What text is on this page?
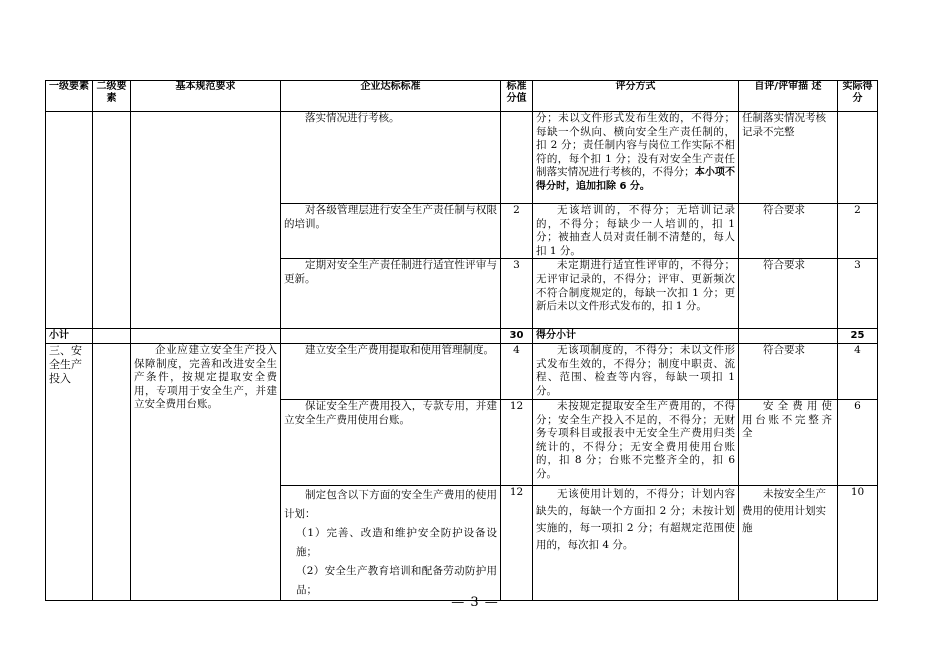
一级要素	二级要素	基本规范要求	企业达标标准	标准分值	评分方式	自评/评审描 述	实际得分
			落实情况进行考核。		分；未以文件形式发布生效的，不得分；每缺一个纵向、横向安全生产责任制的，扣 2 分；责任制内容与岗位工作实际不相符的，每个扣 1 分；没有对安全生产责任制落实情况进行考核的，不得分；本小项不得分时，追加扣除 6 分。	任制落实情况考核记录不完整	
			对各级管理层进行安全生产责任制与权限的培训。	2	无该培训的，不得分；无培训记录的，不得分；每缺少一人培训的，扣 1 分；被抽查人员对责任制不清楚的，每人扣 1 分。	符合要求	2
			定期对安全生产责任制进行适宜性评审与更新。	3	未定期进行适宜性评审的，不得分；无评审记录的，不得分；评审、更新频次不符合制度规定的，每缺一次扣 1 分；更新后未以文件形式发布的，扣 1 分。	符合要求	3
小计				30	得分小计		25
三、安全生产投入		企业应建立安全生产投入保障制度，完善和改进安全生产条件，按规定提取安全费用，专项用于安全生产，并建立安全费用台账。	建立安全生产费用提取和使用管理制度。	4	无该项制度的，不得分；未以文件形式发布生效的，不得分；制度中职责、流程、范围、检查等内容，每缺一项扣 1 分。	符合要求	4
			保证安全生产费用投入，专款专用，并建立安全生产费用使用台账。	12	未按规定提取安全生产费用的，不得分；安全生产投入不足的，不得分；无财务专项科目或报表中无安全生产费用归类统计的，不得分；无安全费用使用台账的，扣 8 分；台账不完整齐全的，扣 6 分。	安全费用使用台账不完整齐全	6

			制定包含以下方面的安全生产费用的使用计划：
（1）完善、改造和维护安全防护设备设施；
（2）安全生产教育培训和配备劳动防护用品；	12	无该使用计划的，不得分；计划内容缺失的，每缺一个方面扣 2 分；未按计划实施的，每一项扣 2 分；有超规定范围使用的，每次扣 4 分。	未按安全生产费用的使用计划实施	10
— 3 —
